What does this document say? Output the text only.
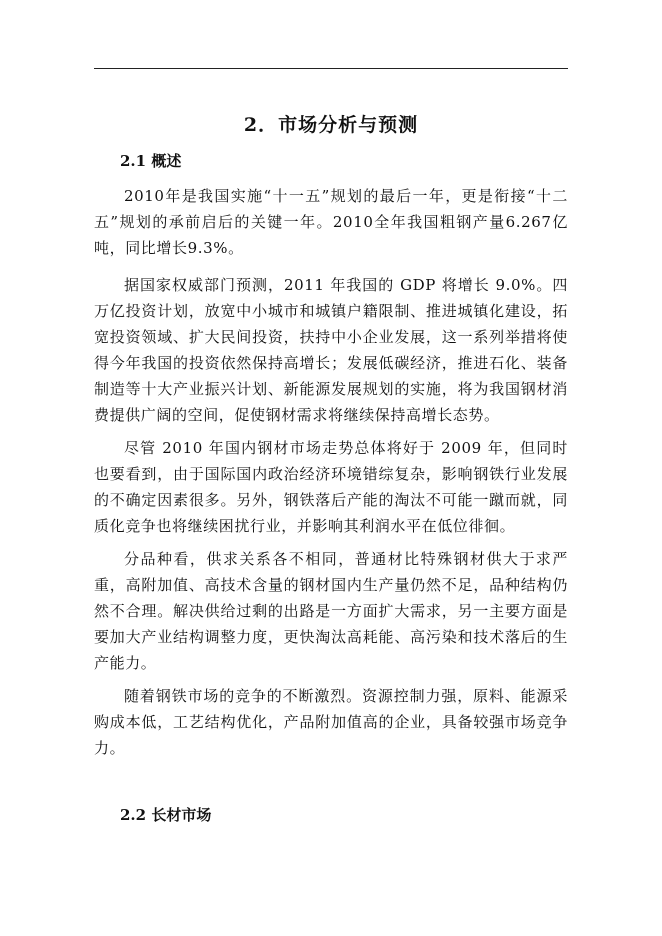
2．市场分析与预测
2.1 概述

2010年是我国实施“十一五”规划的最后一年，更是衔接“十二五”规划的承前启后的关键一年。2010全年我国粗钢产量6.267亿吨，同比增长9.3%。

据国家权威部门预测，2011 年我国的 GDP 将增长 9.0%。四万亿投资计划，放宽中小城市和城镇户籍限制、推进城镇化建设，拓宽投资领域、扩大民间投资，扶持中小企业发展，这一系列举措将使得今年我国的投资依然保持高增长；发展低碳经济，推进石化、装备制造等十大产业振兴计划、新能源发展规划的实施，将为我国钢材消费提供广阔的空间，促使钢材需求将继续保持高增长态势。

尽管 2010 年国内钢材市场走势总体将好于 2009 年，但同时也要看到，由于国际国内政治经济环境错综复杂，影响钢铁行业发展的不确定因素很多。另外，钢铁落后产能的淘汰不可能一蹴而就，同质化竞争也将继续困扰行业，并影响其利润水平在低位徘徊。

分品种看，供求关系各不相同，普通材比特殊钢材供大于求严重，高附加值、高技术含量的钢材国内生产量仍然不足，品种结构仍然不合理。解决供给过剩的出路是一方面扩大需求，另一主要方面是要加大产业结构调整力度，更快淘汰高耗能、高污染和技术落后的生产能力。

随着钢铁市场的竞争的不断激烈。资源控制力强，原料、能源采购成本低，工艺结构优化，产品附加值高的企业，具备较强市场竞争力。

2.2 长材市场
